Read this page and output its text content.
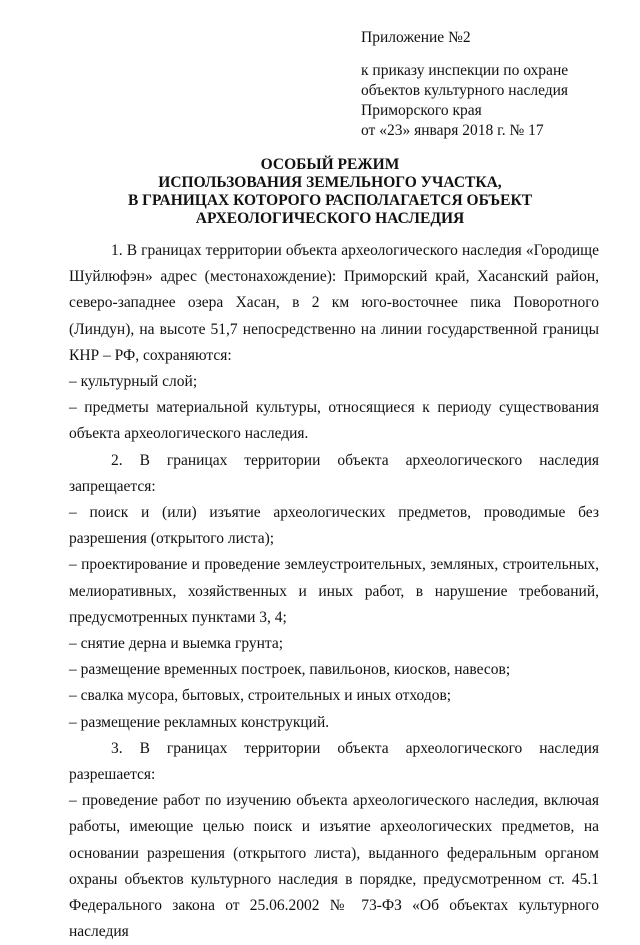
Приложение №2
к приказу инспекции по охране
объектов культурного наследия
Приморского края
от «23» января 2018 г. № 17
ОСОБЫЙ РЕЖИМ
ИСПОЛЬЗОВАНИЯ ЗЕМЕЛЬНОГО УЧАСТКА,
В ГРАНИЦАХ КОТОРОГО РАСПОЛАГАЕТСЯ ОБЪЕКТ
АРХЕОЛОГИЧЕСКОГО НАСЛЕДИЯ

1. В границах территории объекта археологического наследия «Городище Шуйлюфэн» адрес (местонахождение): Приморский край, Хасанский район, северо-западнее озера Хасан, в 2 км юго-восточнее пика Поворотного (Линдун), на высоте 51,7 непосредственно на линии государственной границы КНР – РФ, сохраняются:

– культурный слой;

– предметы материальной культуры, относящиеся к периоду существования объекта археологического наследия.

2. В границах территории объекта археологического наследия запрещается:

– поиск и (или) изъятие археологических предметов, проводимые без разрешения (открытого листа);

– проектирование и проведение землеустроительных, земляных, строительных, мелиоративных, хозяйственных и иных работ, в нарушение требований, предусмотренных пунктами 3, 4;

– снятие дерна и выемка грунта;

– размещение временных построек, павильонов, киосков, навесов;

– свалка мусора, бытовых, строительных и иных отходов;

– размещение рекламных конструкций.

3. В границах территории объекта археологического наследия разрешается:

– проведение работ по изучению объекта археологического наследия, включая работы, имеющие целью поиск и изъятие археологических предметов, на основании разрешения (открытого листа), выданного федеральным органом охраны объектов культурного наследия в порядке, предусмотренном ст. 45.1 Федерального закона от 25.06.2002 № 73-ФЗ «Об объектах культурного наследия
